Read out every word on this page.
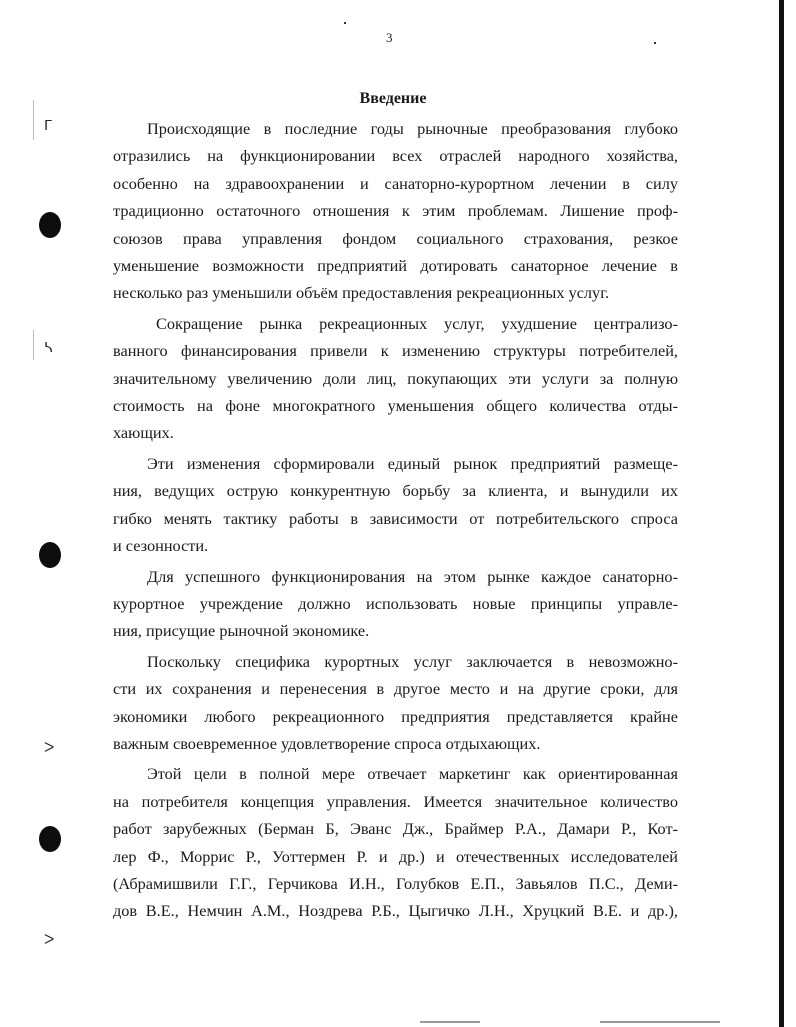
ᒥ
ᓴ
ᐳ
ᐳ
3
Введение
Происходящие в последние годы рыночные преобразования глубоко
отразились на функционировании всех отраслей народного хозяйства,
особенно на здравоохранении и санаторно-курортном лечении в силу
традиционно остаточного отношения к этим проблемам. Лишение проф-
союзов права управления фондом социального страхования, резкое
уменьшение возможности предприятий дотировать санаторное лечение в
несколько раз уменьшили объём предоставления рекреационных услуг.
Сокращение рынка рекреационных услуг, ухудшение централизо-
ванного финансирования привели к изменению структуры потребителей,
значительному увеличению доли лиц, покупающих эти услуги за полную
стоимость на фоне многократного уменьшения общего количества отды-
хающих.
Эти изменения сформировали единый рынок предприятий размеще-
ния, ведущих острую конкурентную борьбу за клиента, и вынудили их
гибко менять тактику работы в зависимости от потребительского спроса
и сезонности.
Для успешного функционирования на этом рынке каждое санаторно-
курортное учреждение должно использовать новые принципы управле-
ния, присущие рыночной экономике.
Поскольку специфика курортных услуг заключается в невозможно-
сти их сохранения и перенесения в другое место и на другие сроки, для
экономики любого рекреационного предприятия представляется крайне
важным своевременное удовлетворение спроса отдыхающих.
Этой цели в полной мере отвечает маркетинг как ориентированная
на потребителя концепция управления. Имеется значительное количество
работ зарубежных (Берман Б, Эванс Дж., Браймер Р.А., Дамари Р., Кот-
лер Ф., Моррис Р., Уоттермен Р. и др.) и отечественных исследователей
(Абрамишвили Г.Г., Герчикова И.Н., Голубков Е.П., Завьялов П.С., Деми-
дов В.Е., Немчин А.М., Ноздрева Р.Б., Цыгичко Л.Н., Хруцкий В.Е. и др.),
